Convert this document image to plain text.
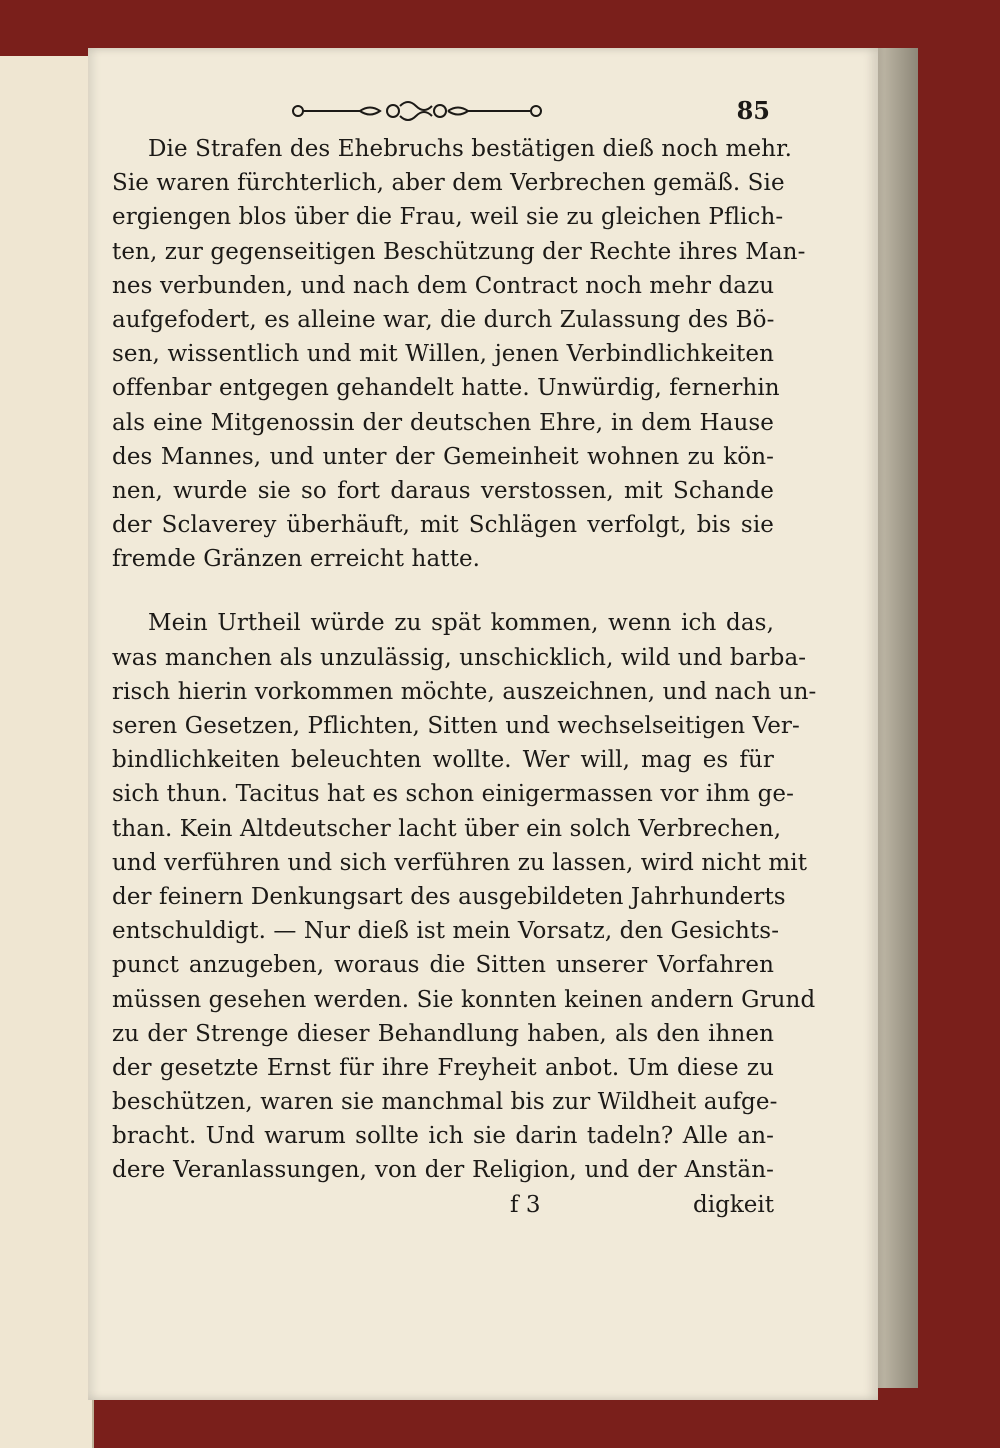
85
Die Strafen des Ehebruchs bestätigen dieß noch mehr.
Sie waren fürchterlich, aber dem Verbrechen gemäß. Sie
ergiengen blos über die Frau, weil sie zu gleichen Pflich-
ten, zur gegenseitigen Beschützung der Rechte ihres Man-
nes verbunden, und nach dem Contract noch mehr dazu
aufgefodert, es alleine war, die durch Zulassung des Bö-
sen, wissentlich und mit Willen, jenen Verbindlichkeiten
offenbar entgegen gehandelt hatte. Unwürdig, fernerhin
als eine Mitgenossin der deutschen Ehre, in dem Hause
des Mannes, und unter der Gemeinheit wohnen zu kön-
nen, wurde sie so fort daraus verstossen, mit Schande
der Sclaverey überhäuft, mit Schlägen verfolgt, bis sie
fremde Gränzen erreicht hatte.
Mein Urtheil würde zu spät kommen, wenn ich das,
was manchen als unzulässig, unschicklich, wild und barba-
risch hierin vorkommen möchte, auszeichnen, und nach un-
seren Gesetzen, Pflichten, Sitten und wechselseitigen Ver-
bindlichkeiten beleuchten wollte. Wer will, mag es für
sich thun. Tacitus hat es schon einigermassen vor ihm ge-
than. Kein Altdeutscher lacht über ein solch Verbrechen,
und verführen und sich verführen zu lassen, wird nicht mit
der feinern Denkungsart des ausgebildeten Jahrhunderts
entschuldigt. — Nur dieß ist mein Vorsatz, den Gesichts-
punct anzugeben, woraus die Sitten unserer Vorfahren
müssen gesehen werden. Sie konnten keinen andern Grund
zu der Strenge dieser Behandlung haben, als den ihnen
der gesetzte Ernst für ihre Freyheit anbot. Um diese zu
beschützen, waren sie manchmal bis zur Wildheit aufge-
bracht. Und warum sollte ich sie darin tadeln? Alle an-
dere Veranlassungen, von der Religion, und der Anstän-
f 3	digkeit
